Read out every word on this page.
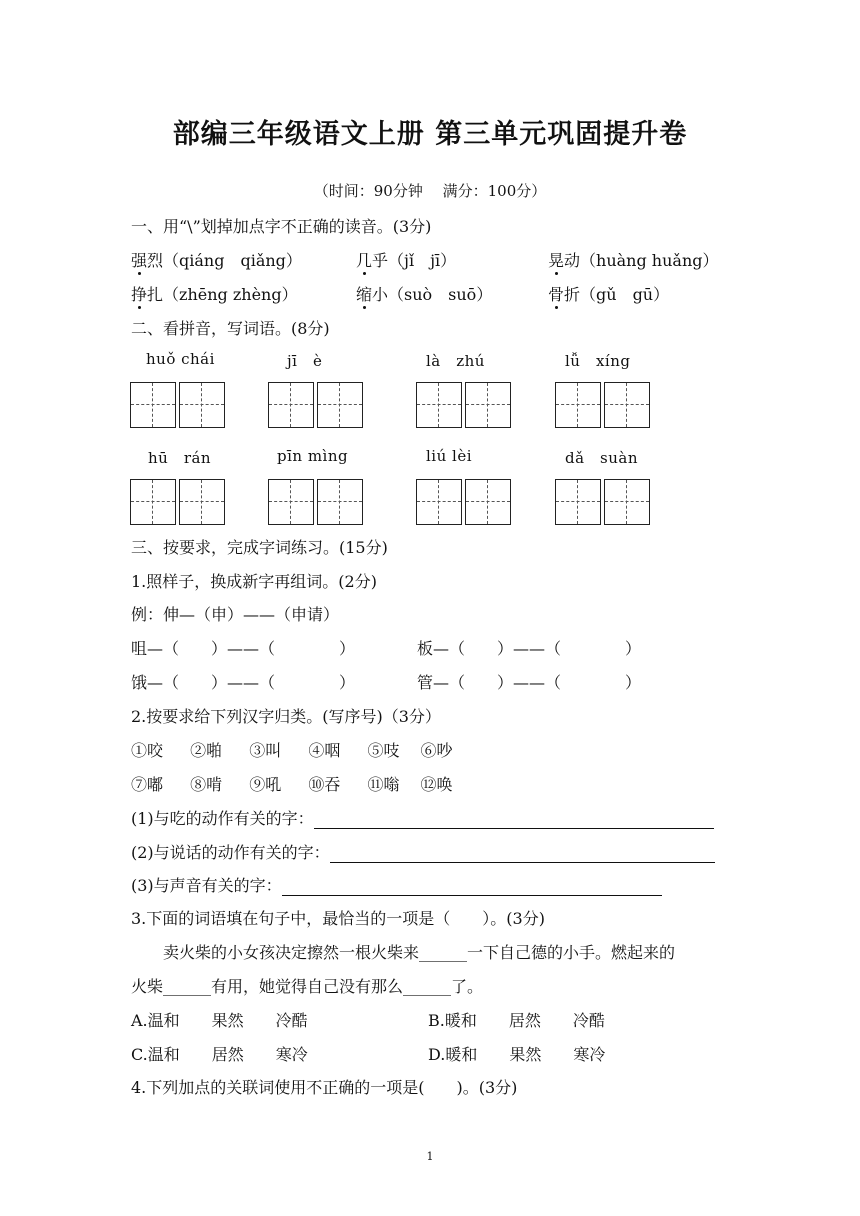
部编三年级语文上册 第三单元巩固提升卷
（时间：90分钟　 满分：100分）
一、用“\”划掉加点字不正确的读音。(3分)
强烈（qiáng　qiǎng）	几乎（jǐ　jī）	晃动（huàng huǎng）
挣扎（zhēng zhèng）	缩小（suò　suō）	骨折（gǔ　gū）
二、看拼音，写词语。(8分)
huǒ chái	jī　è	là　zhú	lǚ　xíng
hū　rán	pīn mìng	liú lèi	dǎ　suàn
三、按要求，完成字词练习。(15分)
1.照样子，换成新字再组词。(2分)
例：伸—（申）——（申请）
咀—（　　）——（　　　　）	板—（　　）——（　　　　）
饿—（　　）——（　　　　）	管—（　　）——（　　　　）
2.按要求给下列汉字归类。(写序号)（3分）
①咬 ②啪 ③叫 ④咽 ⑤吱 ⑥吵
⑦嘟 ⑧啃 ⑨吼 ⑩吞 ⑪嗡 ⑫唤
(1)与吃的动作有关的字：
(2)与说话的动作有关的字：
(3)与声音有关的字：
3.下面的词语填在句子中，最恰当的一项是（　　）。(3分)
卖火柴的小女孩决定擦然一根火柴来______一下自己德的小手。燃起来的
火柴______有用，她觉得自己没有那么______了。
A.温和　　果然　　冷酷	B.暖和　　居然　　冷酷
C.温和　　居然　　寒冷	D.暖和　　果然　　寒冷
4.下列加点的关联词使用不正确的一项是(　　)。(3分)
1
